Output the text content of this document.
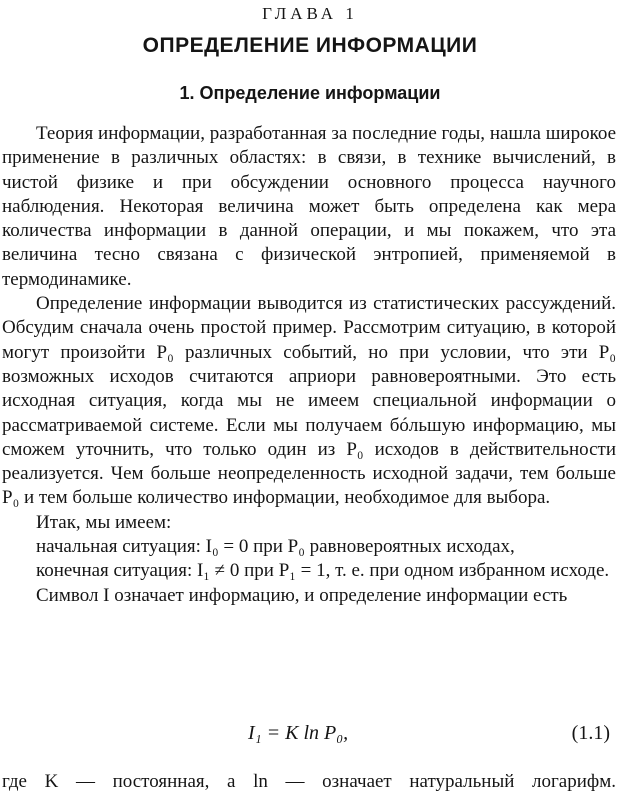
ГЛАВА 1
ОПРЕДЕЛЕНИЕ ИНФОРМАЦИИ
1. Определение информации

Теория информации, разработанная за последние годы, нашла широкое применение в различных областях: в связи, в технике вычислений, в чистой физике и при обсуждении основного процесса научного наблюдения. Некоторая величина может быть определена как мера количества информации в данной операции, и мы покажем, что эта величина тесно связана с физической энтропией, применяемой в термодинамике.

Определение информации выводится из статистических рассуждений. Обсудим сначала очень простой пример. Рассмотрим ситуацию, в которой могут произойти P₀ различных событий, но при условии, что эти P₀ возможных исходов считаются априори равновероятными. Это есть исходная ситуация, когда мы не имеем специальной информации о рассматриваемой системе. Если мы получаем бóльшую информацию, мы сможем уточнить, что только один из P₀ исходов в действительности реализуется. Чем больше неопределенность исходной задачи, тем больше P₀ и тем больше количество информации, необходимое для выбора.

Итак, мы имеем:

начальная ситуация: I₀ = 0 при P₀ равновероятных исходах,

конечная ситуация: I₁ ≠ 0 при P₁ = 1, т. е. при одном избранном исходе.

Символ I означает информацию, и определение информации есть

I₁ = K ln P₀,	(1.1)
где K — постоянная, а ln — означает натуральный логарифм.
